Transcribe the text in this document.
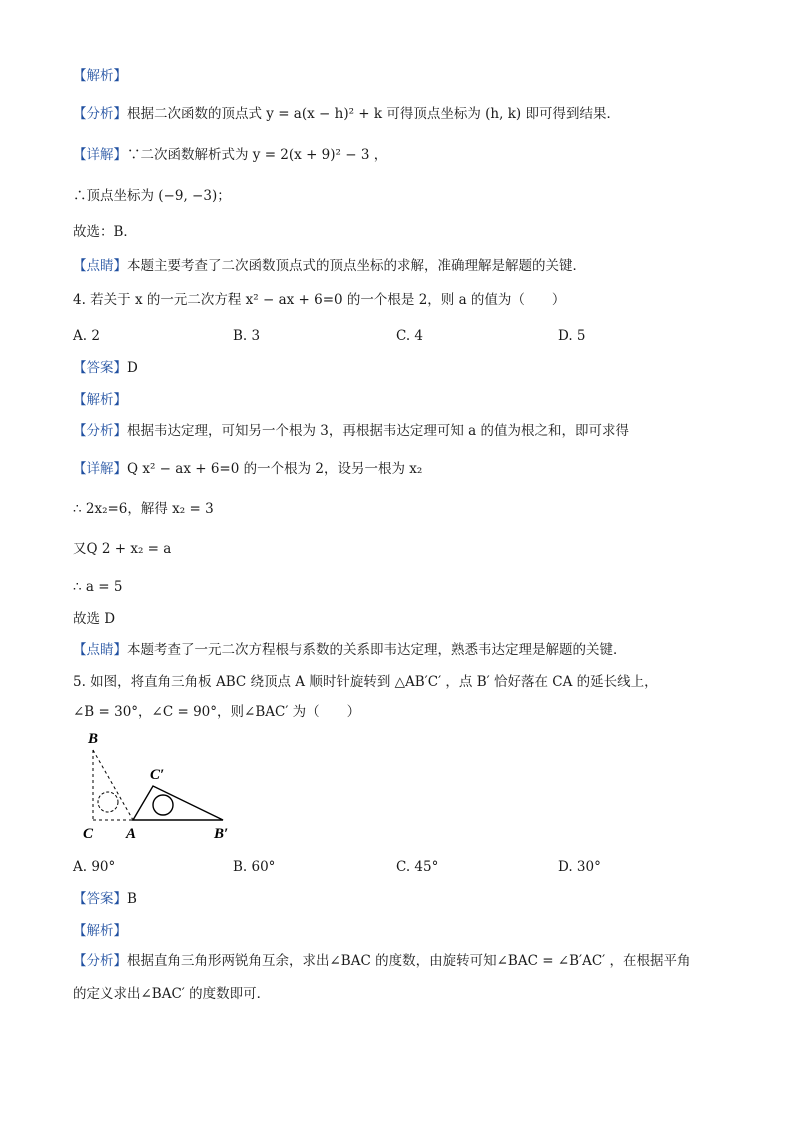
【解析】
【分析】根据二次函数的顶点式 y = a(x − h)² + k 可得顶点坐标为 (h, k) 即可得到结果．
【详解】∵二次函数解析式为 y = 2(x + 9)² − 3 ，
∴顶点坐标为 (−9, −3)；
故选：B．
【点睛】本题主要考查了二次函数顶点式的顶点坐标的求解，准确理解是解题的关键．
4. 若关于 x 的一元二次方程 x² − ax + 6=0 的一个根是 2，则 a 的值为（　　）
A. 2	B. 3	C. 4	D. 5
【答案】D
【解析】
【分析】根据韦达定理，可知另一个根为 3，再根据韦达定理可知 a 的值为根之和，即可求得
【详解】Q x² − ax + 6=0 的一个根为 2，设另一根为 x₂
∴ 2x₂=6，解得 x₂ = 3
又Q 2 + x₂ = a
∴ a = 5
故选 D
【点睛】本题考查了一元二次方程根与系数的关系即韦达定理，熟悉韦达定理是解题的关键．
5. 如图，将直角三角板 ABC 绕顶点 A 顺时针旋转到 △AB′C′ ，点 B′ 恰好落在 CA 的延长线上，
∠B = 30°，∠C = 90°，则∠BAC′ 为（　　）
B
C A	B′
C′
A. 90°	B. 60°	C. 45°	D. 30°
【答案】B
【解析】
【分析】根据直角三角形两锐角互余，求出∠BAC 的度数，由旋转可知∠BAC = ∠B′AC′ ，在根据平角
的定义求出∠BAC′ 的度数即可．
